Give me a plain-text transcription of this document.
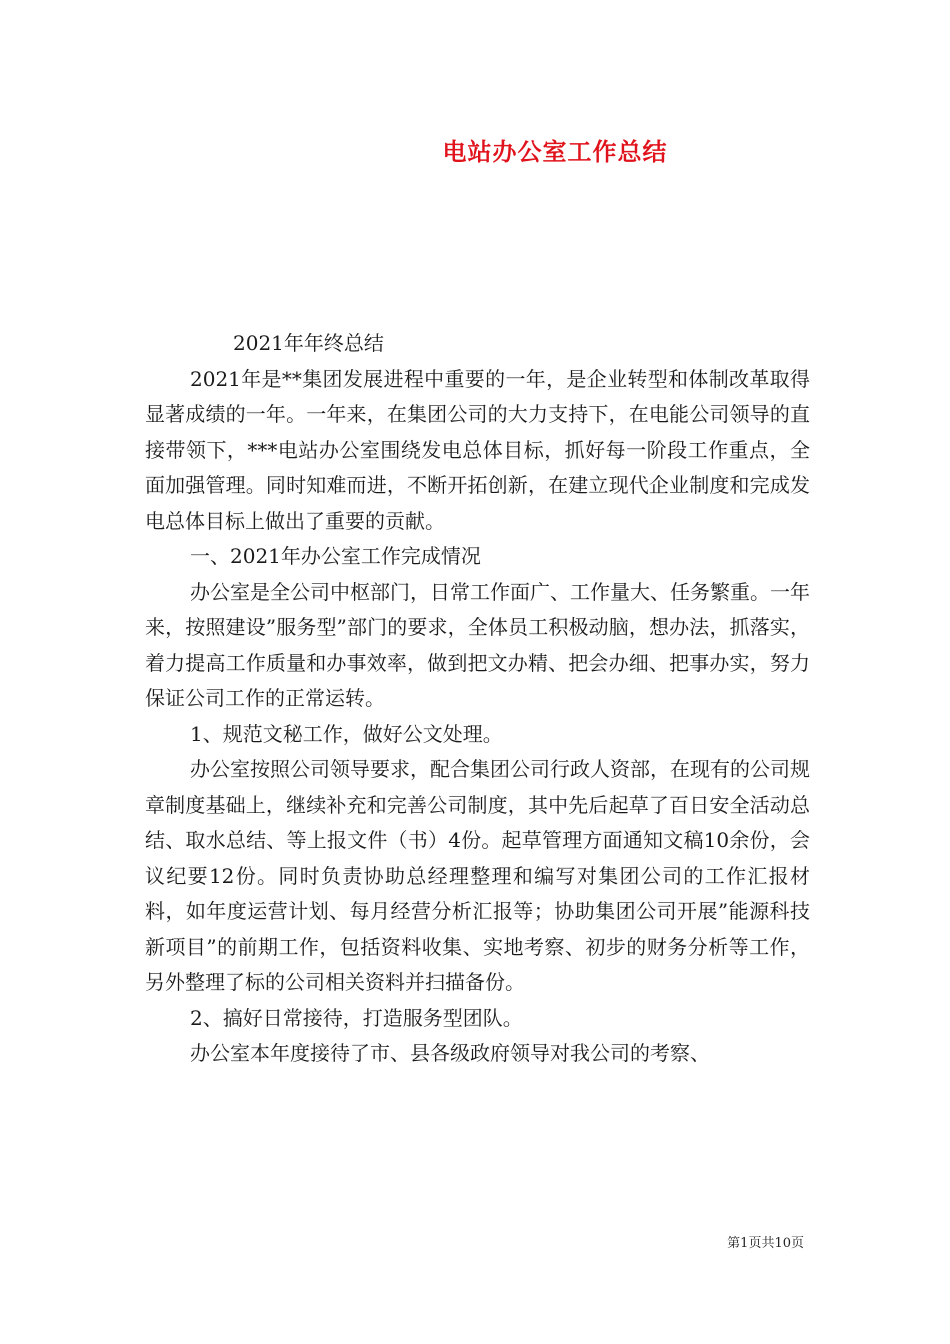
电站办公室工作总结

2021年年终总结

2021年是**集团发展进程中重要的一年，是企业转型和体制改革取得显著成绩的一年。一年来，在集团公司的大力支持下，在电能公司领导的直接带领下，***电站办公室围绕发电总体目标，抓好每一阶段工作重点，全面加强管理。同时知难而进，不断开拓创新，在建立现代企业制度和完成发电总体目标上做出了重要的贡献。

一、2021年办公室工作完成情况

办公室是全公司中枢部门，日常工作面广、工作量大、任务繁重。一年来，按照建设”服务型”部门的要求，全体员工积极动脑，想办法，抓落实，着力提高工作质量和办事效率，做到把文办精、把会办细、把事办实，努力保证公司工作的正常运转。

1、规范文秘工作，做好公文处理。

办公室按照公司领导要求，配合集团公司行政人资部，在现有的公司规章制度基础上，继续补充和完善公司制度，其中先后起草了百日安全活动总结、取水总结、等上报文件（书）4份。起草管理方面通知文稿10余份，会议纪要12份。同时负责协助总经理整理和编写对集团公司的工作汇报材料，如年度运营计划、每月经营分析汇报等；协助集团公司开展”能源科技新项目”的前期工作，包括资料收集、实地考察、初步的财务分析等工作，另外整理了标的公司相关资料并扫描备份。

2、搞好日常接待，打造服务型团队。

办公室本年度接待了市、县各级政府领导对我公司的考察、

第1页共10页
